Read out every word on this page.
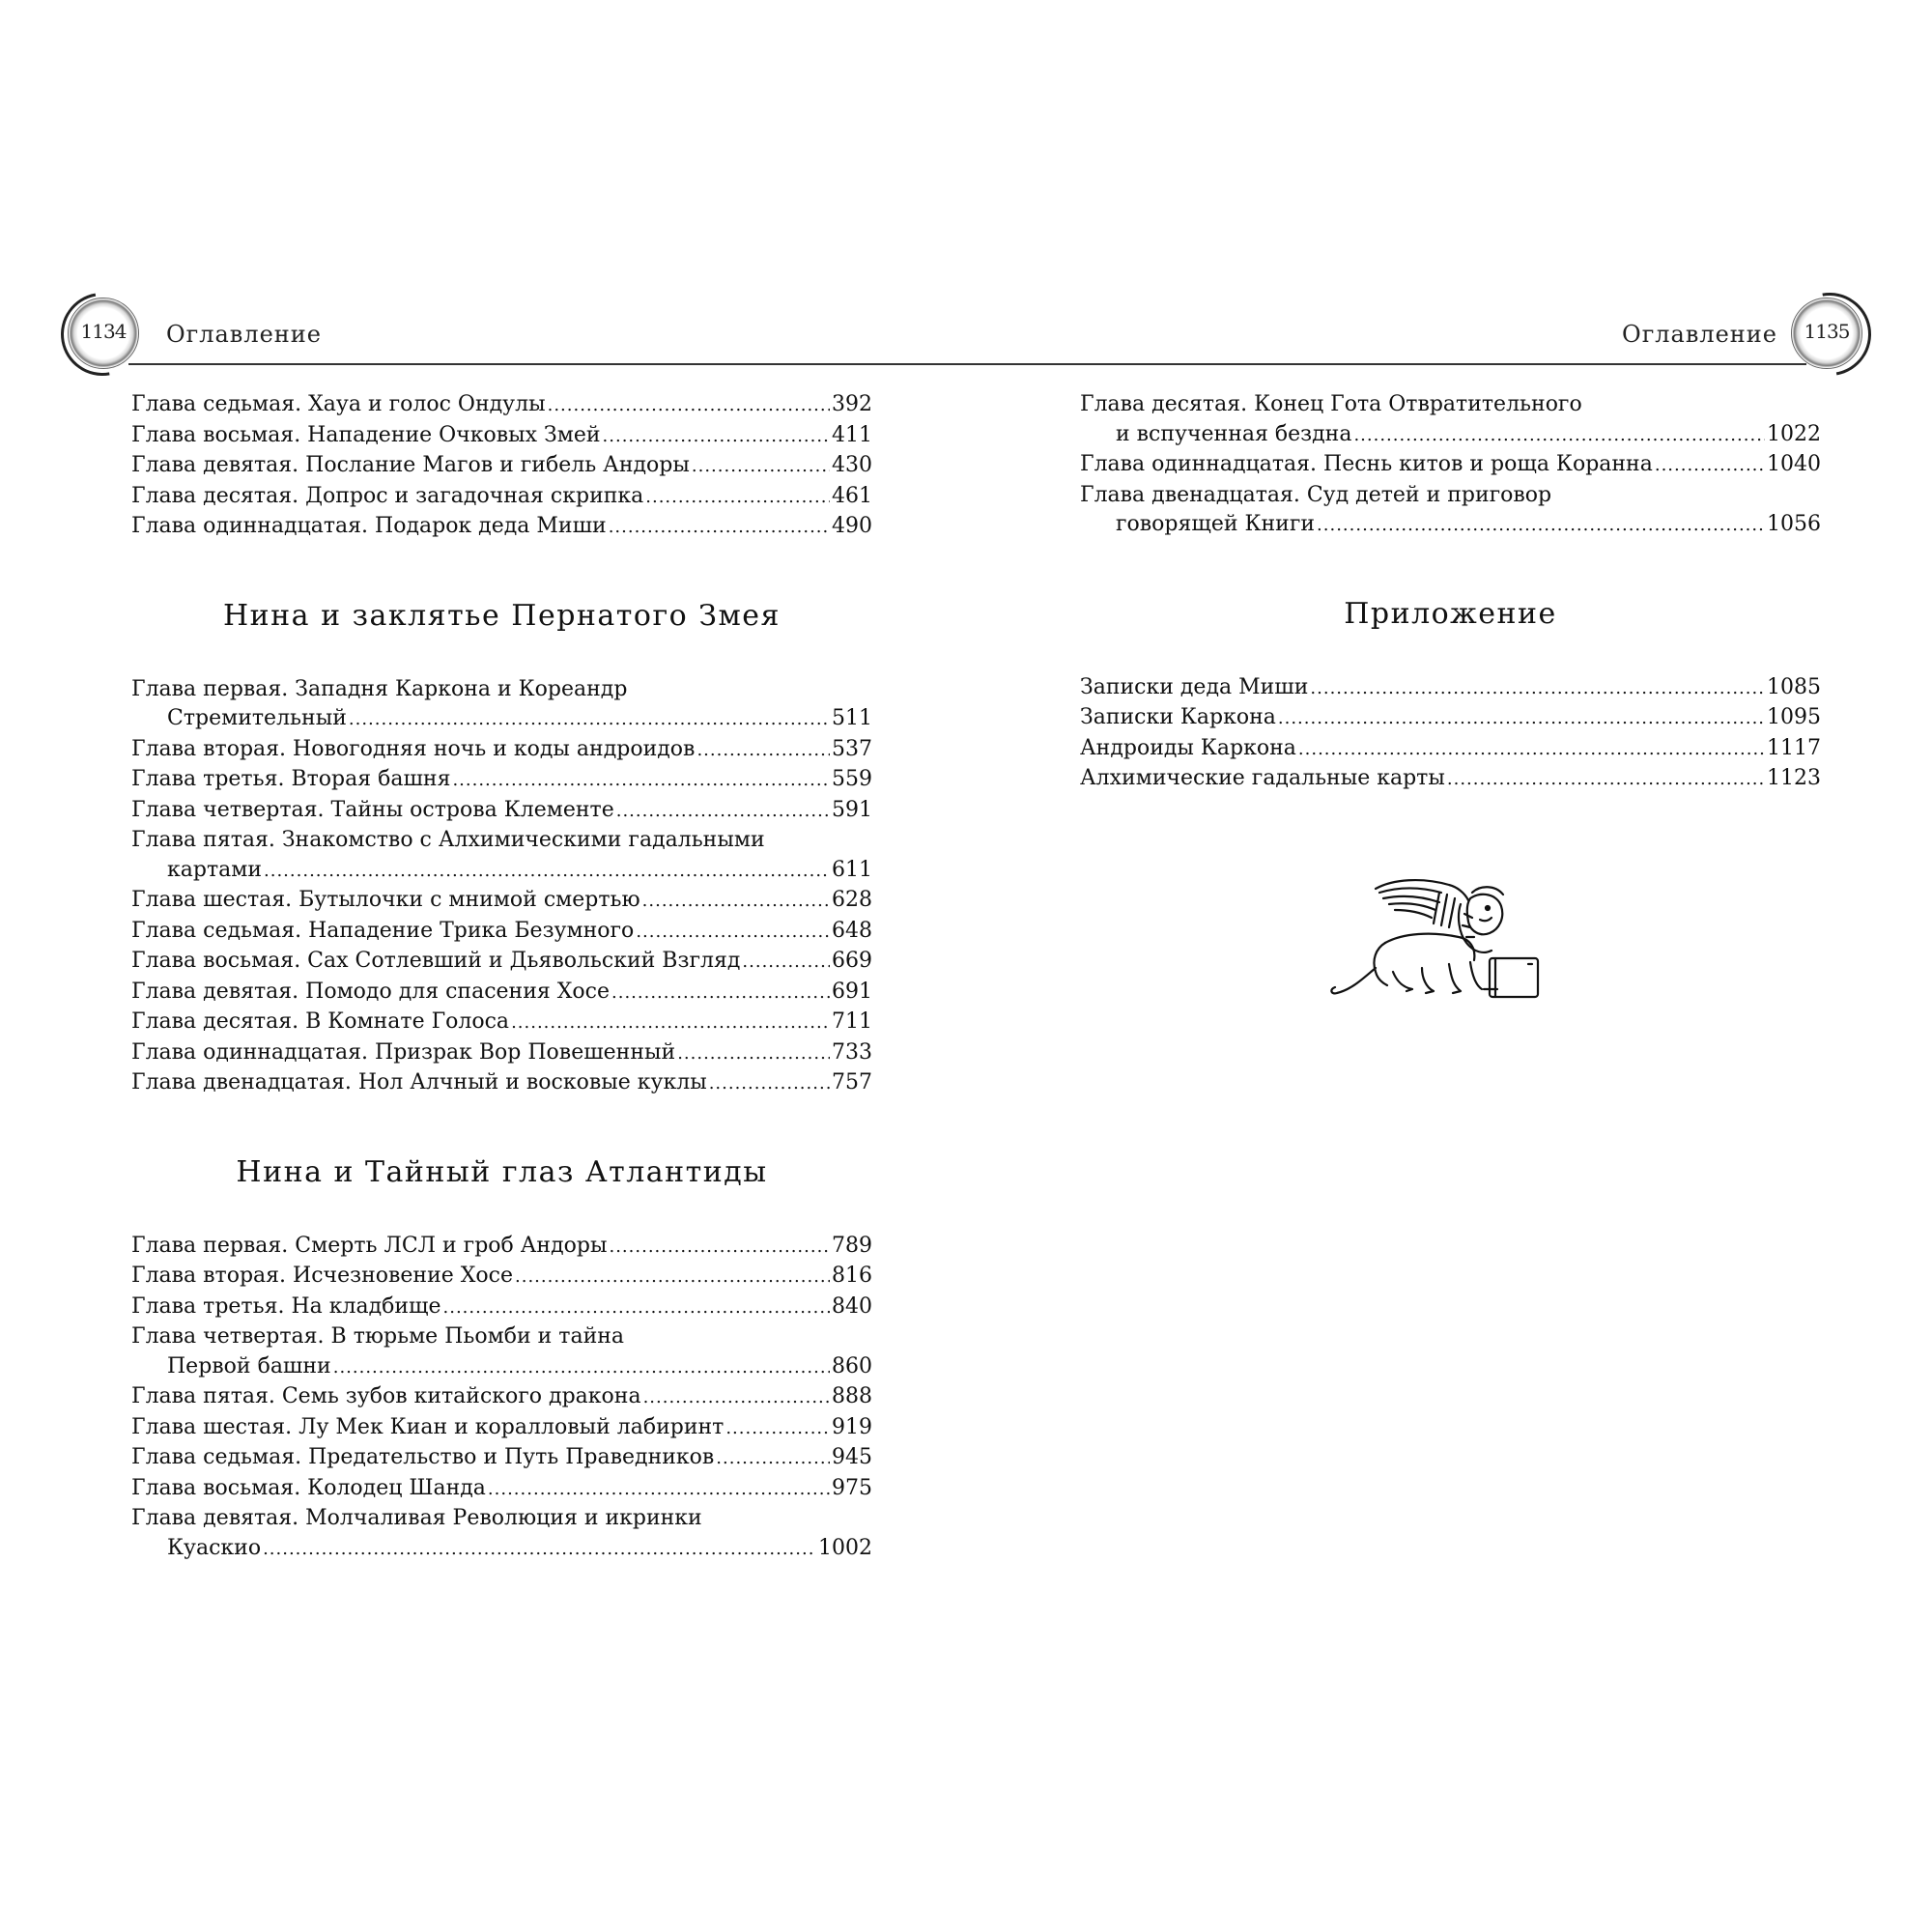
1134	Оглавление	Оглавление	1135
Глава седьмая. Хауа и голос Ондулы .....	392
Глава восьмая. Нападение Очковых Змей .....	411
Глава девятая. Послание Магов и гибель Андоры .....	430
Глава десятая. Допрос и загадочная скрипка .....	461
Глава одиннадцатая. Подарок деда Миши .....	490
Нина и заклятье Пернатого Змея
Глава первая. Западня Каркона и Кореандр
Стремительный .....	511
Глава вторая. Новогодняя ночь и коды андроидов .....	537
Глава третья. Вторая башня .....	559
Глава четвертая. Тайны острова Клементе .....	591
Глава пятая. Знакомство с Алхимическими гадальными
картами .....	611
Глава шестая. Бутылочки с мнимой смертью .....	628
Глава седьмая. Нападение Трика Безумного .....	648
Глава восьмая. Сах Сотлевший и Дьявольский Взгляд .....	669
Глава девятая. Помодо для спасения Хосе .....	691
Глава десятая. В Комнате Голоса .....	711
Глава одиннадцатая. Призрак Вор Повешенный .....	733
Глава двенадцатая. Нол Алчный и восковые куклы .....	757
Нина и Тайный глаз Атлантиды
Глава первая. Смерть ЛСЛ и гроб Андоры .....	789
Глава вторая. Исчезновение Хосе .....	816
Глава третья. На кладбище .....	840
Глава четвертая. В тюрьме Пьомби и тайна
Первой башни .....	860
Глава пятая. Семь зубов китайского дракона .....	888
Глава шестая. Лу Мек Киан и коралловый лабиринт .....	919
Глава седьмая. Предательство и Путь Праведников .....	945
Глава восьмая. Колодец Шанда .....	975
Глава девятая. Молчаливая Революция и икринки
Куаскио .....	1002
Глава десятая. Конец Гота Отвратительного
и вспученная бездна .....	1022
Глава одиннадцатая. Песнь китов и роща Коранна .....	1040
Глава двенадцатая. Суд детей и приговор
говорящей Книги .....	1056
Приложение
Записки деда Миши .....	1085
Записки Каркона .....	1095
Андроиды Каркона .....	1117
Алхимические гадальные карты .....	1123
